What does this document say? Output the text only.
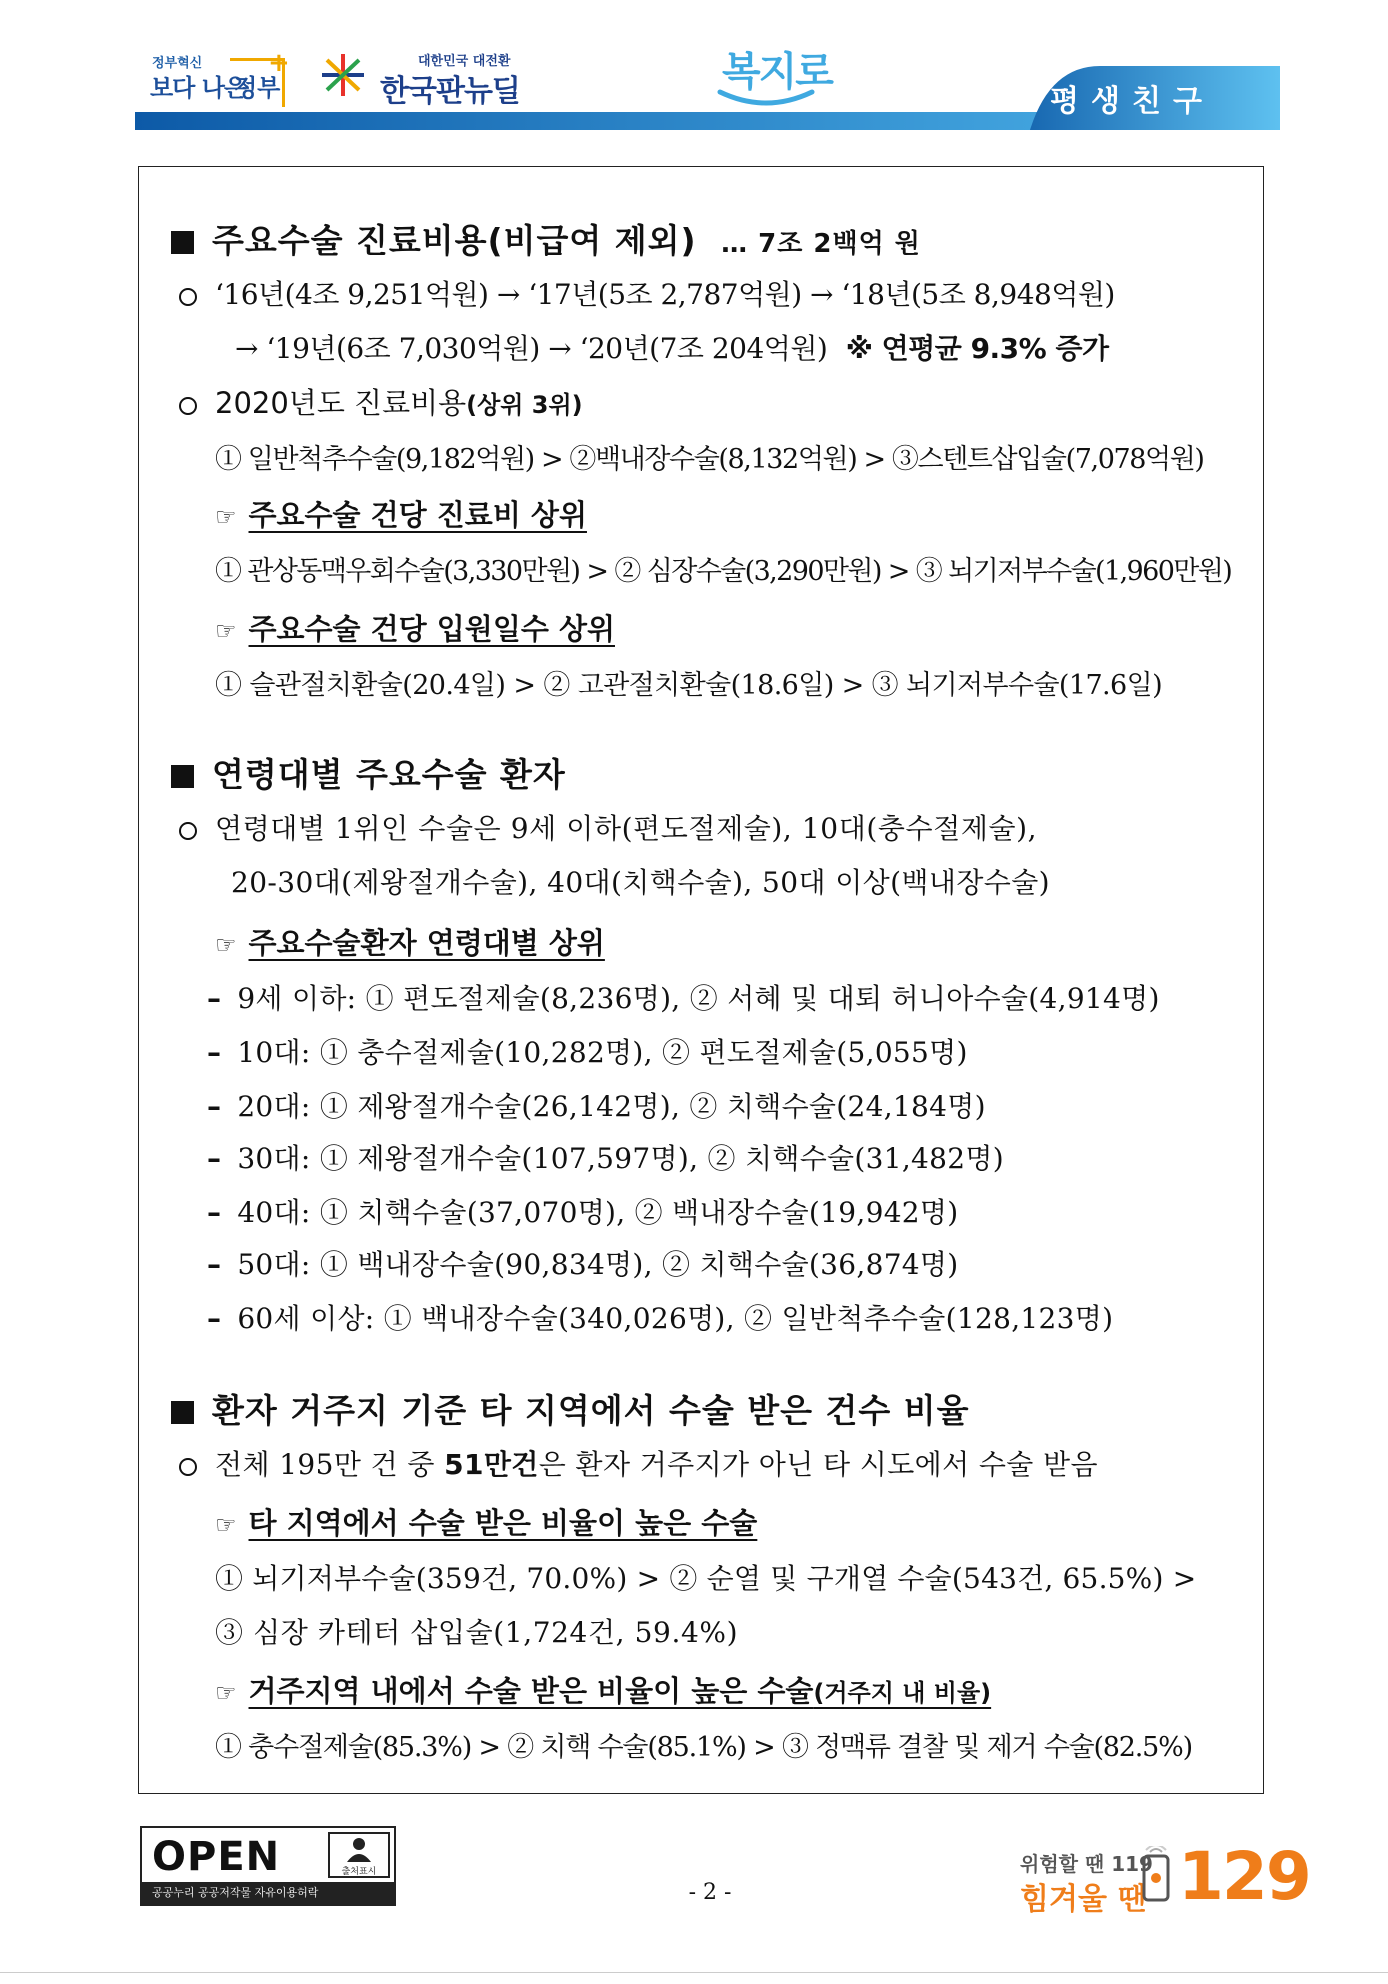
정부혁신
보다 나은
정부
+	대한민국 대전환
한국판뉴딜	복지로
평생친구
주요수술 진료비용(비급여 제외) … 7조 2백억 원
‘16년(4조 9,251억원) → ‘17년(5조 2,787억원) → ‘18년(5조 8,948억원)
→ ‘19년(6조 7,030억원) → ‘20년(7조 204억원) ※ 연평균 9.3% 증가
2020년도 진료비용(상위 3위)
① 일반척추수술(9,182억원) > ②백내장수술(8,132억원) > ③스텐트삽입술(7,078억원)
☞ 주요수술 건당 진료비 상위
① 관상동맥우회수술(3,330만원) > ② 심장수술(3,290만원) > ③ 뇌기저부수술(1,960만원)
☞ 주요수술 건당 입원일수 상위
① 슬관절치환술(20.4일) > ② 고관절치환술(18.6일) > ③ 뇌기저부수술(17.6일)
연령대별 주요수술 환자
연령대별 1위인 수술은 9세 이하(편도절제술), 10대(충수절제술),
20-30대(제왕절개수술), 40대(치핵수술), 50대 이상(백내장수술)
☞ 주요수술환자 연령대별 상위
– 9세 이하: ① 편도절제술(8,236명), ② 서혜 및 대퇴 허니아수술(4,914명)
– 10대: ① 충수절제술(10,282명), ② 편도절제술(5,055명)
– 20대: ① 제왕절개수술(26,142명), ② 치핵수술(24,184명)
– 30대: ① 제왕절개수술(107,597명), ② 치핵수술(31,482명)
– 40대: ① 치핵수술(37,070명), ② 백내장수술(19,942명)
– 50대: ① 백내장수술(90,834명), ② 치핵수술(36,874명)
– 60세 이상: ① 백내장수술(340,026명), ② 일반척추수술(128,123명)
환자 거주지 기준 타 지역에서 수술 받은 건수 비율
전체 195만 건 중 51만건은 환자 거주지가 아닌 타 시도에서 수술 받음
☞ 타 지역에서 수술 받은 비율이 높은 수술
① 뇌기저부수술(359건, 70.0%) > ② 순열 및 구개열 수술(543건, 65.5%) >
③ 심장 카테터 삽입술(1,724건, 59.4%)
☞ 거주지역 내에서 수술 받은 비율이 높은 수술(거주지 내 비율)
① 충수절제술(85.3%) > ② 치핵 수술(85.1%) > ③ 정맥류 결찰 및 제거 수술(82.5%)
OPEN	출처표시
공공누리 공공저작물 자유이용허락	- 2 -
위험할 땐 119
힘겨울 땐 129
